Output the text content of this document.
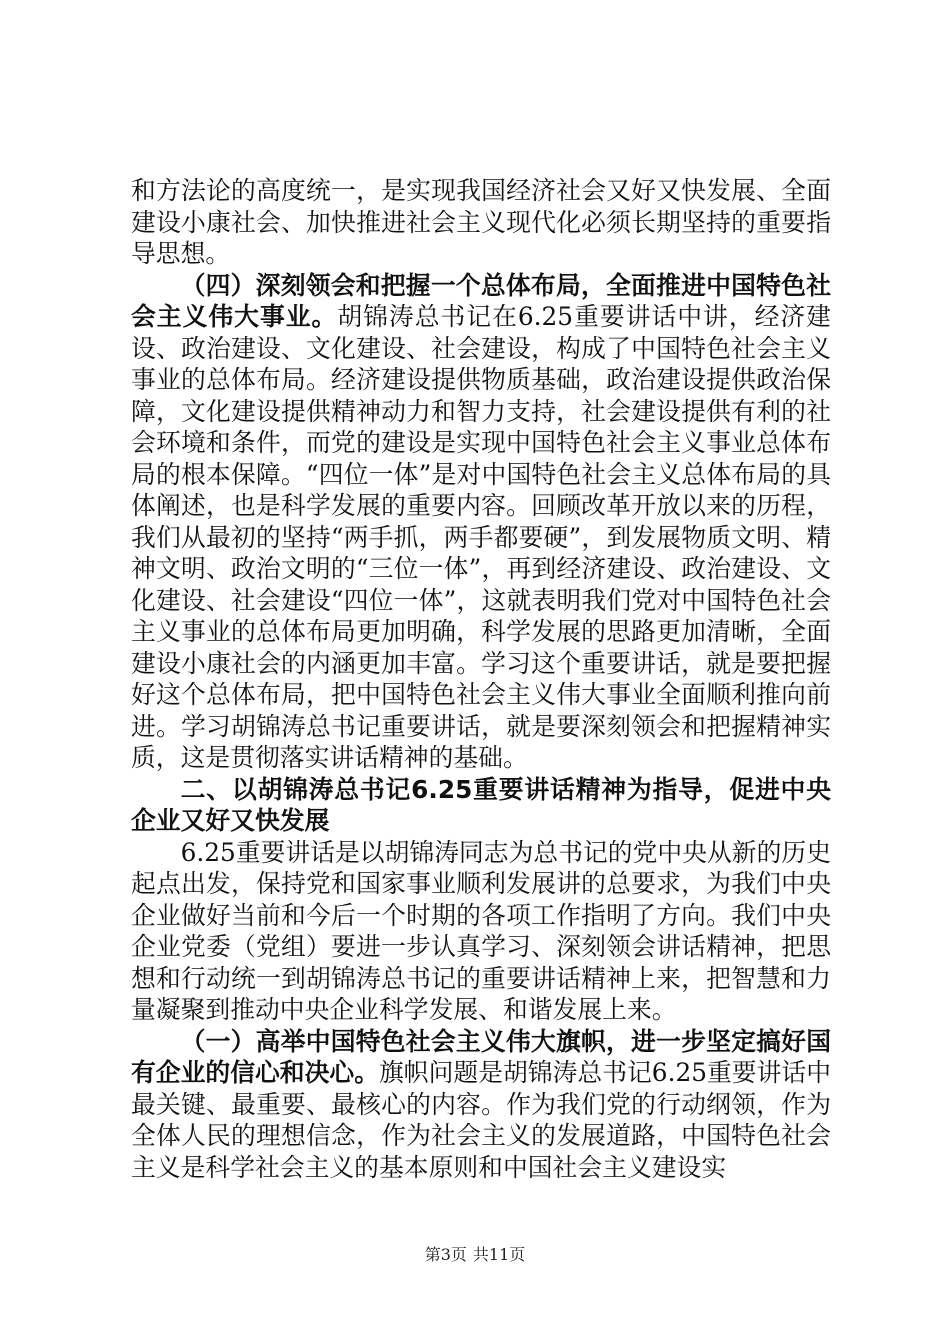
和方法论的高度统一，是实现我国经济社会又好又快发展、全面建设小康社会、加快推进社会主义现代化必须长期坚持的重要指导思想。

（四）深刻领会和把握一个总体布局，全面推进中国特色社会主义伟大事业。胡锦涛总书记在6.25重要讲话中讲，经济建设、政治建设、文化建设、社会建设，构成了中国特色社会主义事业的总体布局。经济建设提供物质基础，政治建设提供政治保障，文化建设提供精神动力和智力支持，社会建设提供有利的社会环境和条件，而党的建设是实现中国特色社会主义事业总体布局的根本保障。“四位一体”是对中国特色社会主义总体布局的具体阐述，也是科学发展的重要内容。回顾改革开放以来的历程，我们从最初的坚持“两手抓，两手都要硬”，到发展物质文明、精神文明、政治文明的“三位一体”，再到经济建设、政治建设、文化建设、社会建设“四位一体”，这就表明我们党对中国特色社会主义事业的总体布局更加明确，科学发展的思路更加清晰，全面建设小康社会的内涵更加丰富。学习这个重要讲话，就是要把握好这个总体布局，把中国特色社会主义伟大事业全面顺利推向前进。学习胡锦涛总书记重要讲话，就是要深刻领会和把握精神实质，这是贯彻落实讲话精神的基础。

二、以胡锦涛总书记6.25重要讲话精神为指导，促进中央企业又好又快发展

6.25重要讲话是以胡锦涛同志为总书记的党中央从新的历史起点出发，保持党和国家事业顺利发展讲的总要求，为我们中央企业做好当前和今后一个时期的各项工作指明了方向。我们中央企业党委（党组）要进一步认真学习、深刻领会讲话精神，把思想和行动统一到胡锦涛总书记的重要讲话精神上来，把智慧和力量凝聚到推动中央企业科学发展、和谐发展上来。

（一）高举中国特色社会主义伟大旗帜，进一步坚定搞好国有企业的信心和决心。旗帜问题是胡锦涛总书记6.25重要讲话中最关键、最重要、最核心的内容。作为我们党的行动纲领，作为全体人民的理想信念，作为社会主义的发展道路，中国特色社会主义是科学社会主义的基本原则和中国社会主义建设实

第3页 共11页
